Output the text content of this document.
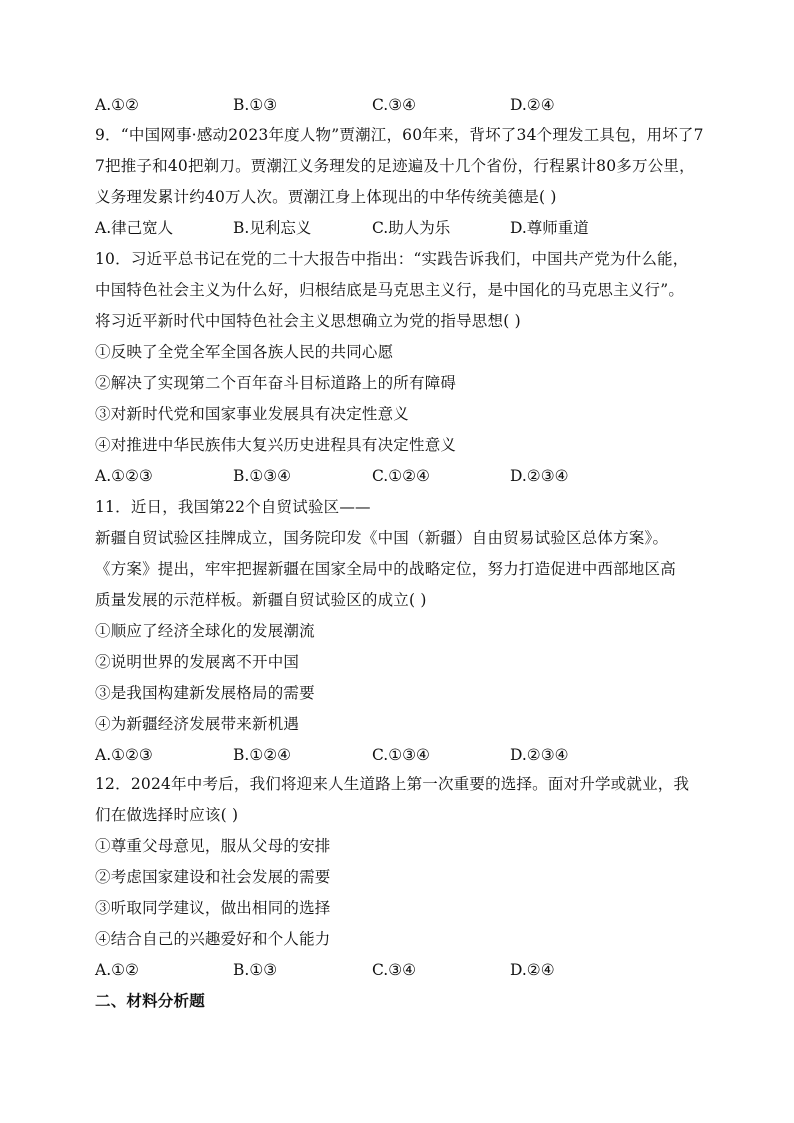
A.①②	B.①③	C.③④	D.②④
9．“中国网事·感动2023年度人物”贾潮江，60年来，背坏了34个理发工具包，用坏了7
7把推子和40把剃刀。贾潮江义务理发的足迹遍及十几个省份，行程累计80多万公里，
义务理发累计约40万人次。贾潮江身上体现出的中华传统美德是( )
A.律己宽人	B.见利忘义	C.助人为乐	D.尊师重道
10．习近平总书记在党的二十大报告中指出：“实践告诉我们，中国共产党为什么能，
中国特色社会主义为什么好，归根结底是马克思主义行，是中国化的马克思主义行”。
将习近平新时代中国特色社会主义思想确立为党的指导思想( )
①反映了全党全军全国各族人民的共同心愿
②解决了实现第二个百年奋斗目标道路上的所有障碍
③对新时代党和国家事业发展具有决定性意义
④对推进中华民族伟大复兴历史进程具有决定性意义
A.①②③	B.①③④	C.①②④	D.②③④
11．近日，我国第22个自贸试验区——
新疆自贸试验区挂牌成立，国务院印发《中国（新疆）自由贸易试验区总体方案》。
《方案》提出，牢牢把握新疆在国家全局中的战略定位，努力打造促进中西部地区高
质量发展的示范样板。新疆自贸试验区的成立( )
①顺应了经济全球化的发展潮流
②说明世界的发展离不开中国
③是我国构建新发展格局的需要
④为新疆经济发展带来新机遇
A.①②③	B.①②④	C.①③④	D.②③④
12．2024年中考后，我们将迎来人生道路上第一次重要的选择。面对升学或就业，我
们在做选择时应该( )
①尊重父母意见，服从父母的安排
②考虑国家建设和社会发展的需要
③听取同学建议，做出相同的选择
④结合自己的兴趣爱好和个人能力
A.①②	B.①③	C.③④	D.②④
二、材料分析题
